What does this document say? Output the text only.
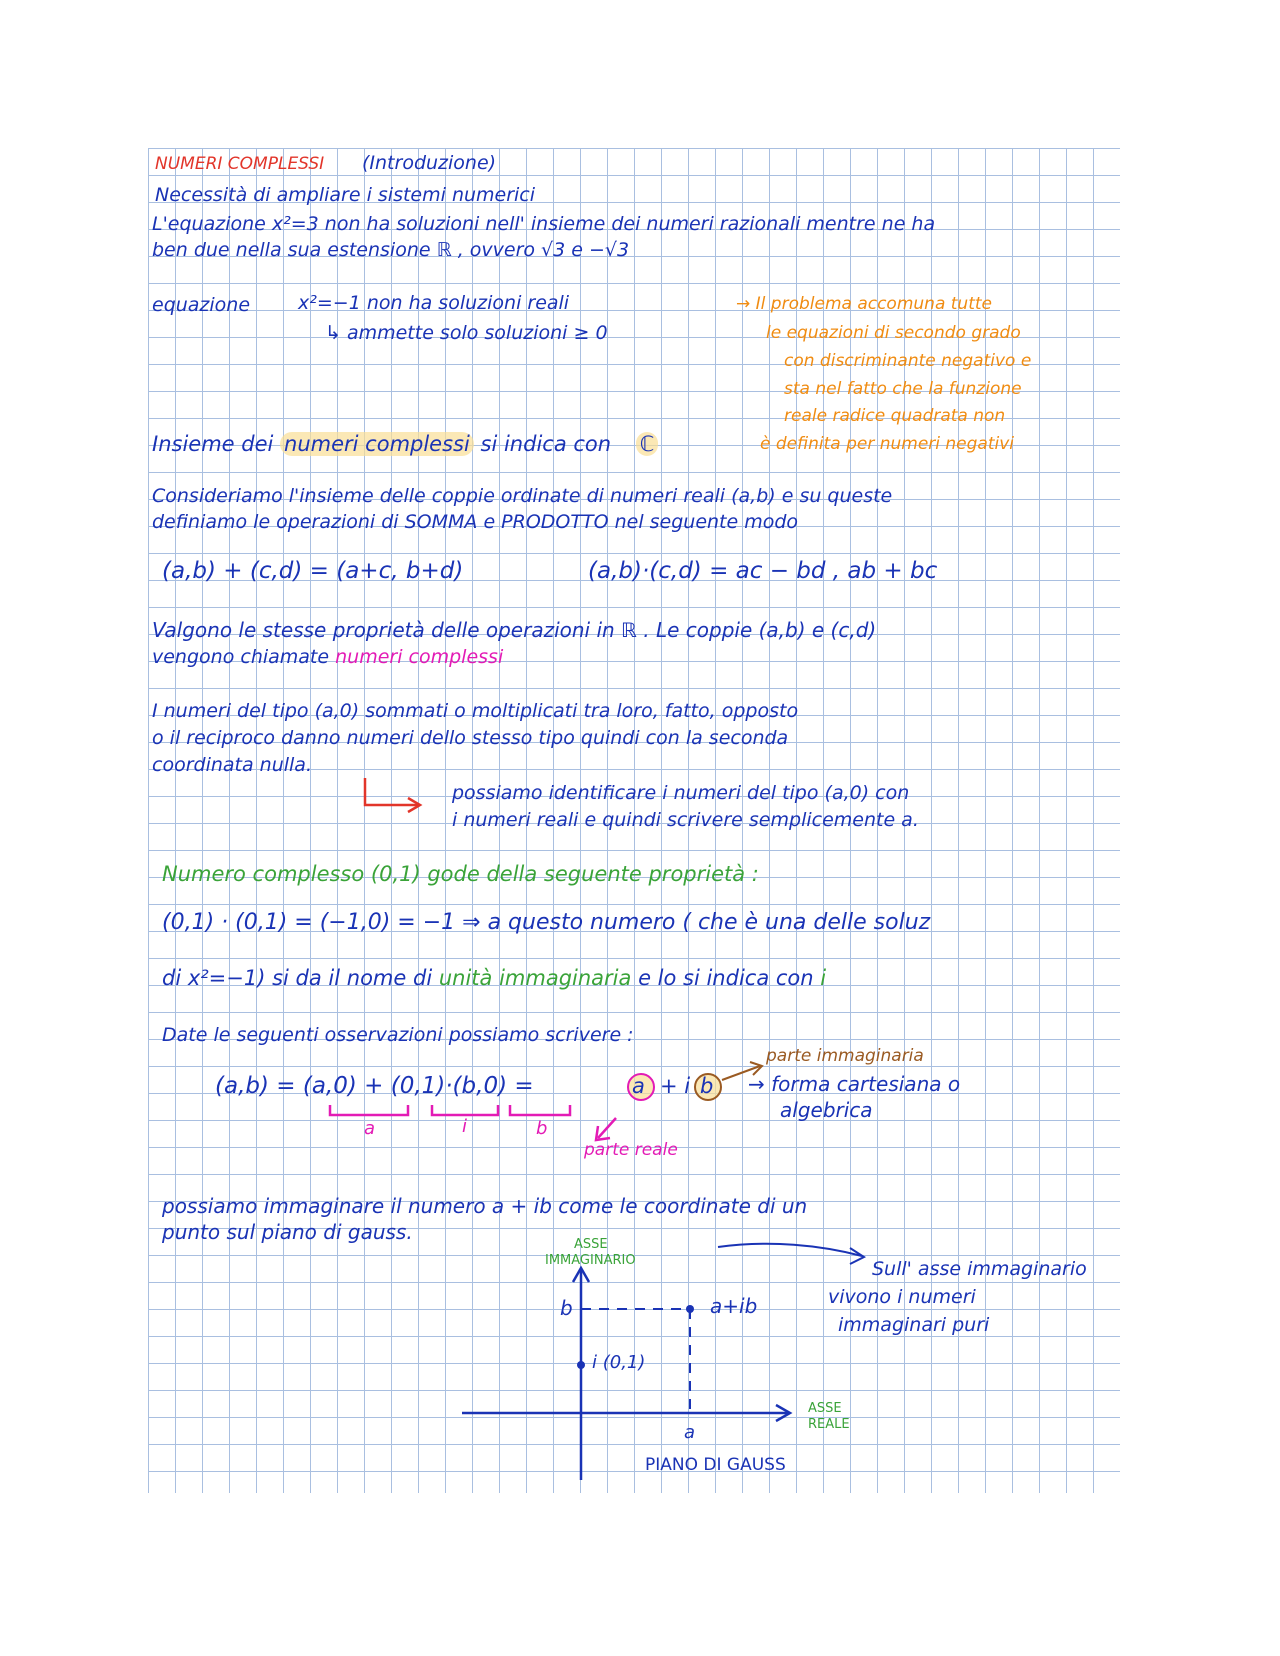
NUMERI COMPLESSI (Introduzione)
Necessità di ampliare i sistemi numerici
L'equazione x²=3 non ha soluzioni nell' insieme dei numeri razionali mentre ne ha
ben due nella sua estensione ℝ , ovvero √3 e −√3
equazione	x²=−1 non ha soluzioni reali
↳ ammette solo soluzioni ≥ 0
→ Il problema accomuna tutte
le equazioni di secondo grado
con discriminante negativo e
sta nel fatto che la funzione
reale radice quadrata non
è definita per numeri negativi
Insieme dei numeri complessi si indica con ℂ
Consideriamo l'insieme delle coppie ordinate di numeri reali (a,b) e su queste
definiamo le operazioni di SOMMA e PRODOTTO nel seguente modo
(a,b) + (c,d) = (a+c, b+d)	(a,b)·(c,d) = ac − bd , ab + bc
Valgono le stesse proprietà delle operazioni in ℝ . Le coppie (a,b) e (c,d)
vengono chiamate numeri complessi
I numeri del tipo (a,0) sommati o moltiplicati tra loro, fatto, opposto
o il reciproco danno numeri dello stesso tipo quindi con la seconda
coordinata nulla.
possiamo identificare i numeri del tipo (a,0) con
i numeri reali e quindi scrivere semplicemente a.
Numero complesso (0,1) gode della seguente proprietà :
(0,1) · (0,1) = (−1,0) = −1 ⇒ a questo numero ( che è una delle soluz
di x²=−1) si da il nome di unità immaginaria e lo si indica con i
Date le seguenti osservazioni possiamo scrivere :
(a,b) = (a,0) + (0,1)·(b,0) =	a + i b
parte immaginaria
→ forma cartesiana o
algebrica
a	i	b
parte reale
possiamo immaginare il numero a + ib come le coordinate di un
punto sul piano di gauss.
ASSE
IMMAGINARIO
ASSE
REALE
b	a+ib
i (0,1)
a
PIANO DI GAUSS
Sull' asse immaginario
vivono i numeri
immaginari puri
